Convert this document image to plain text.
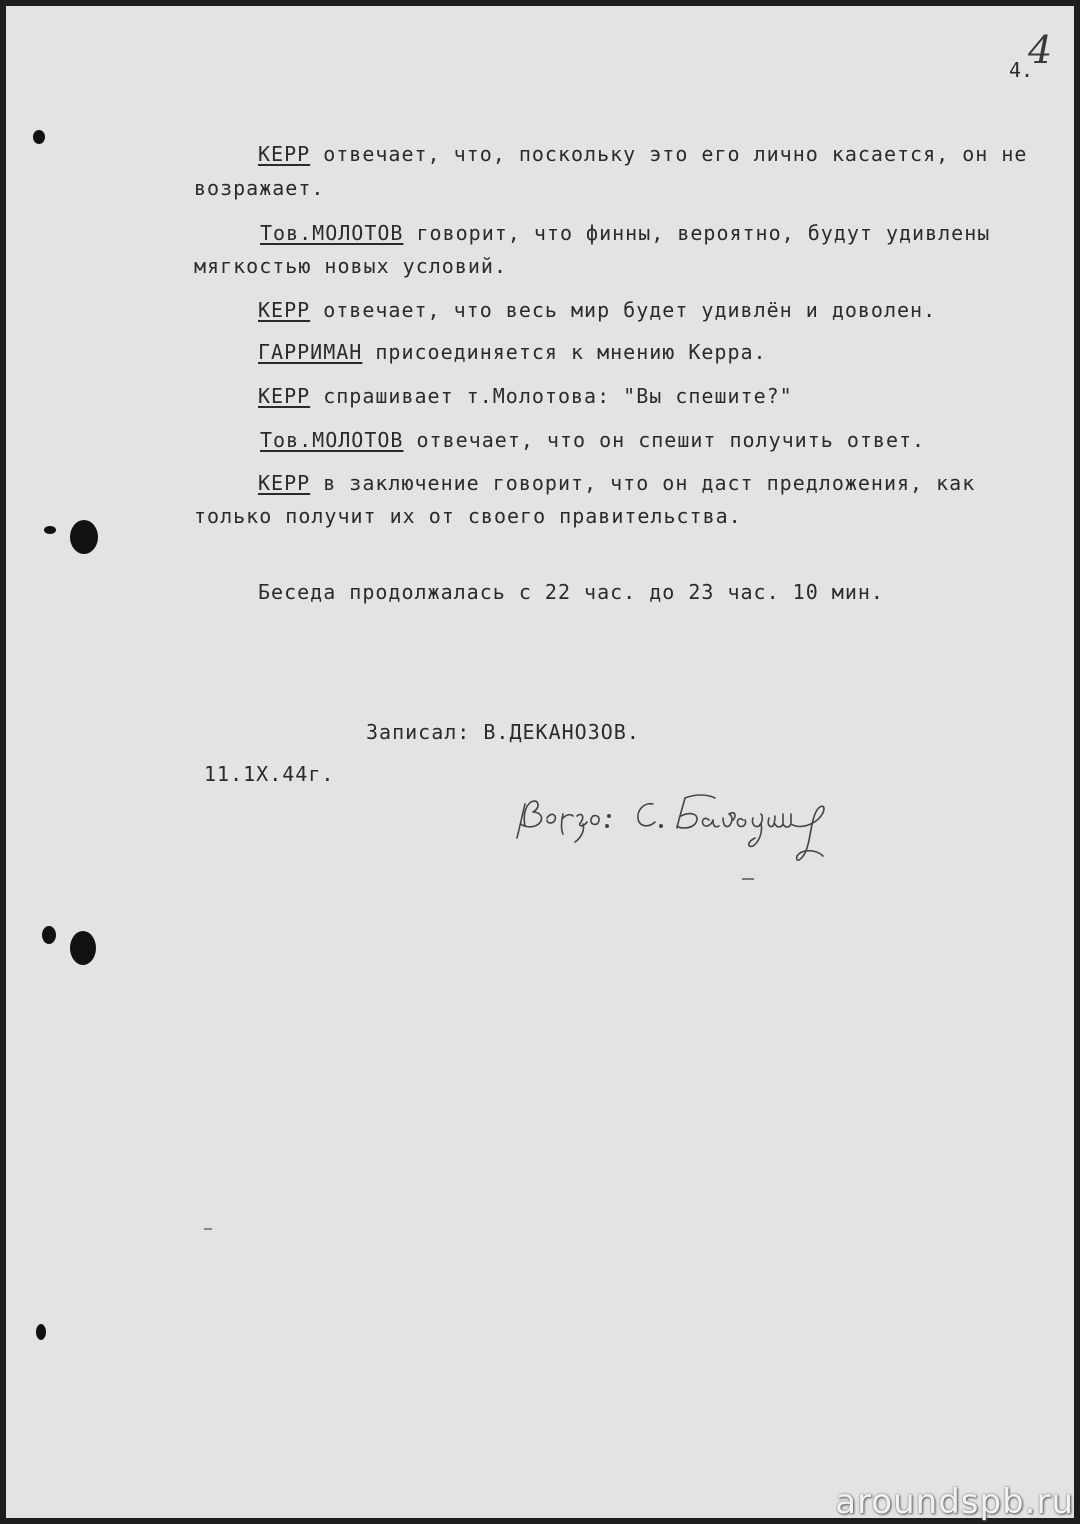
4.
4
КЕРР отвечает, что, поскольку это его лично касается, он не
возражает.
Тов.МОЛОТОВ говорит, что финны, вероятно, будут удивлены
мягкостью новых условий.
КЕРР отвечает, что весь мир будет удивлён и доволен.
ГАРРИМАН присоединяется к мнению Керра.
КЕРР спрашивает т.Молотова: "Вы спешите?"
Тов.МОЛОТОВ отвечает, что он спешит получить ответ.
КЕРР в заключение говорит, что он даст предложения, как
только получит их от своего правительства.
Беседа продолжалась с 22 час. до 23 час. 10 мин.
Записал: В.ДЕКАНОЗОВ.
11.1Х.44г.
aroundspb.ru
